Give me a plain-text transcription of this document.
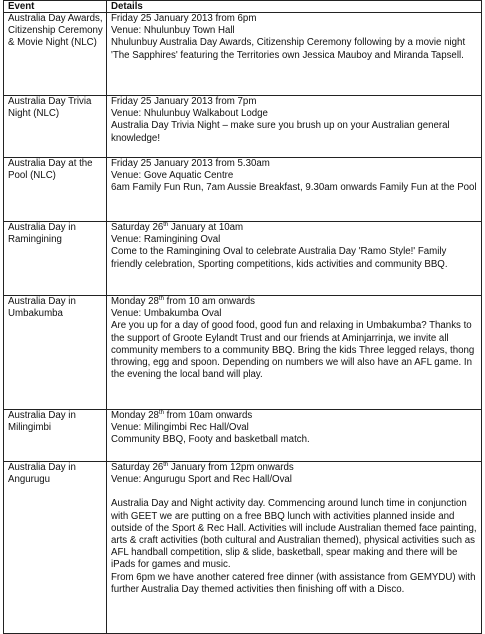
Event	Details
Australia Day Awards, Citizenship Ceremony & Movie Night (NLC)	Friday 25 January 2013 from 6pm

Venue: Nhulunbuy Town Hall

Nhulunbuy Australia Day Awards, Citizenship Ceremony following by a movie night 'The Sapphires' featuring the Territories own Jessica Mauboy and Miranda Tapsell.

Australia Day Trivia Night (NLC)	Friday 25 January 2013 from 7pm

Venue: Nhulunbuy Walkabout Lodge

Australia Day Trivia Night – make sure you brush up on your Australian general knowledge!

Australia Day at the Pool (NLC)	Friday 25 January 2013 from 5.30am

Venue: Gove Aquatic Centre

6am Family Fun Run, 7am Aussie Breakfast, 9.30am onwards Family Fun at the Pool

Australia Day in Ramingining	Saturday 26th January at 10am

Venue: Ramingining Oval

Come to the Ramingining Oval to celebrate Australia Day 'Ramo Style!' Family friendly celebration, Sporting competitions, kids activities and community BBQ.

Australia Day in Umbakumba	Monday 28th from 10 am onwards

Venue: Umbakumba Oval

Are you up for a day of good food, good fun and relaxing in Umbakumba? Thanks to the support of Groote Eylandt Trust and our friends at Aminjarrinja, we invite all community members to a community BBQ. Bring the kids Three legged relays, thong throwing, egg and spoon. Depending on numbers we will also have an AFL game. In the evening the local band will play.

Australia Day in Milingimbi	Monday 28th from 10am onwards

Venue: Milingimbi Rec Hall/Oval

Community BBQ, Footy and basketball match.

Australia Day in Angurugu	Saturday 26th January from 12pm onwards

Venue: Angurugu Sport and Rec Hall/Oval

Australia Day and Night activity day. Commencing around lunch time in conjunction with GEET we are putting on a free BBQ lunch with activities planned inside and outside of the Sport & Rec Hall. Activities will include Australian themed face painting, arts & craft activities (both cultural and Australian themed), physical activities such as AFL handball competition, slip & slide, basketball, spear making and there will be iPads for games and music.

From 6pm we have another catered free dinner (with assistance from GEMYDU) with further Australia Day themed activities then finishing off with a Disco.
